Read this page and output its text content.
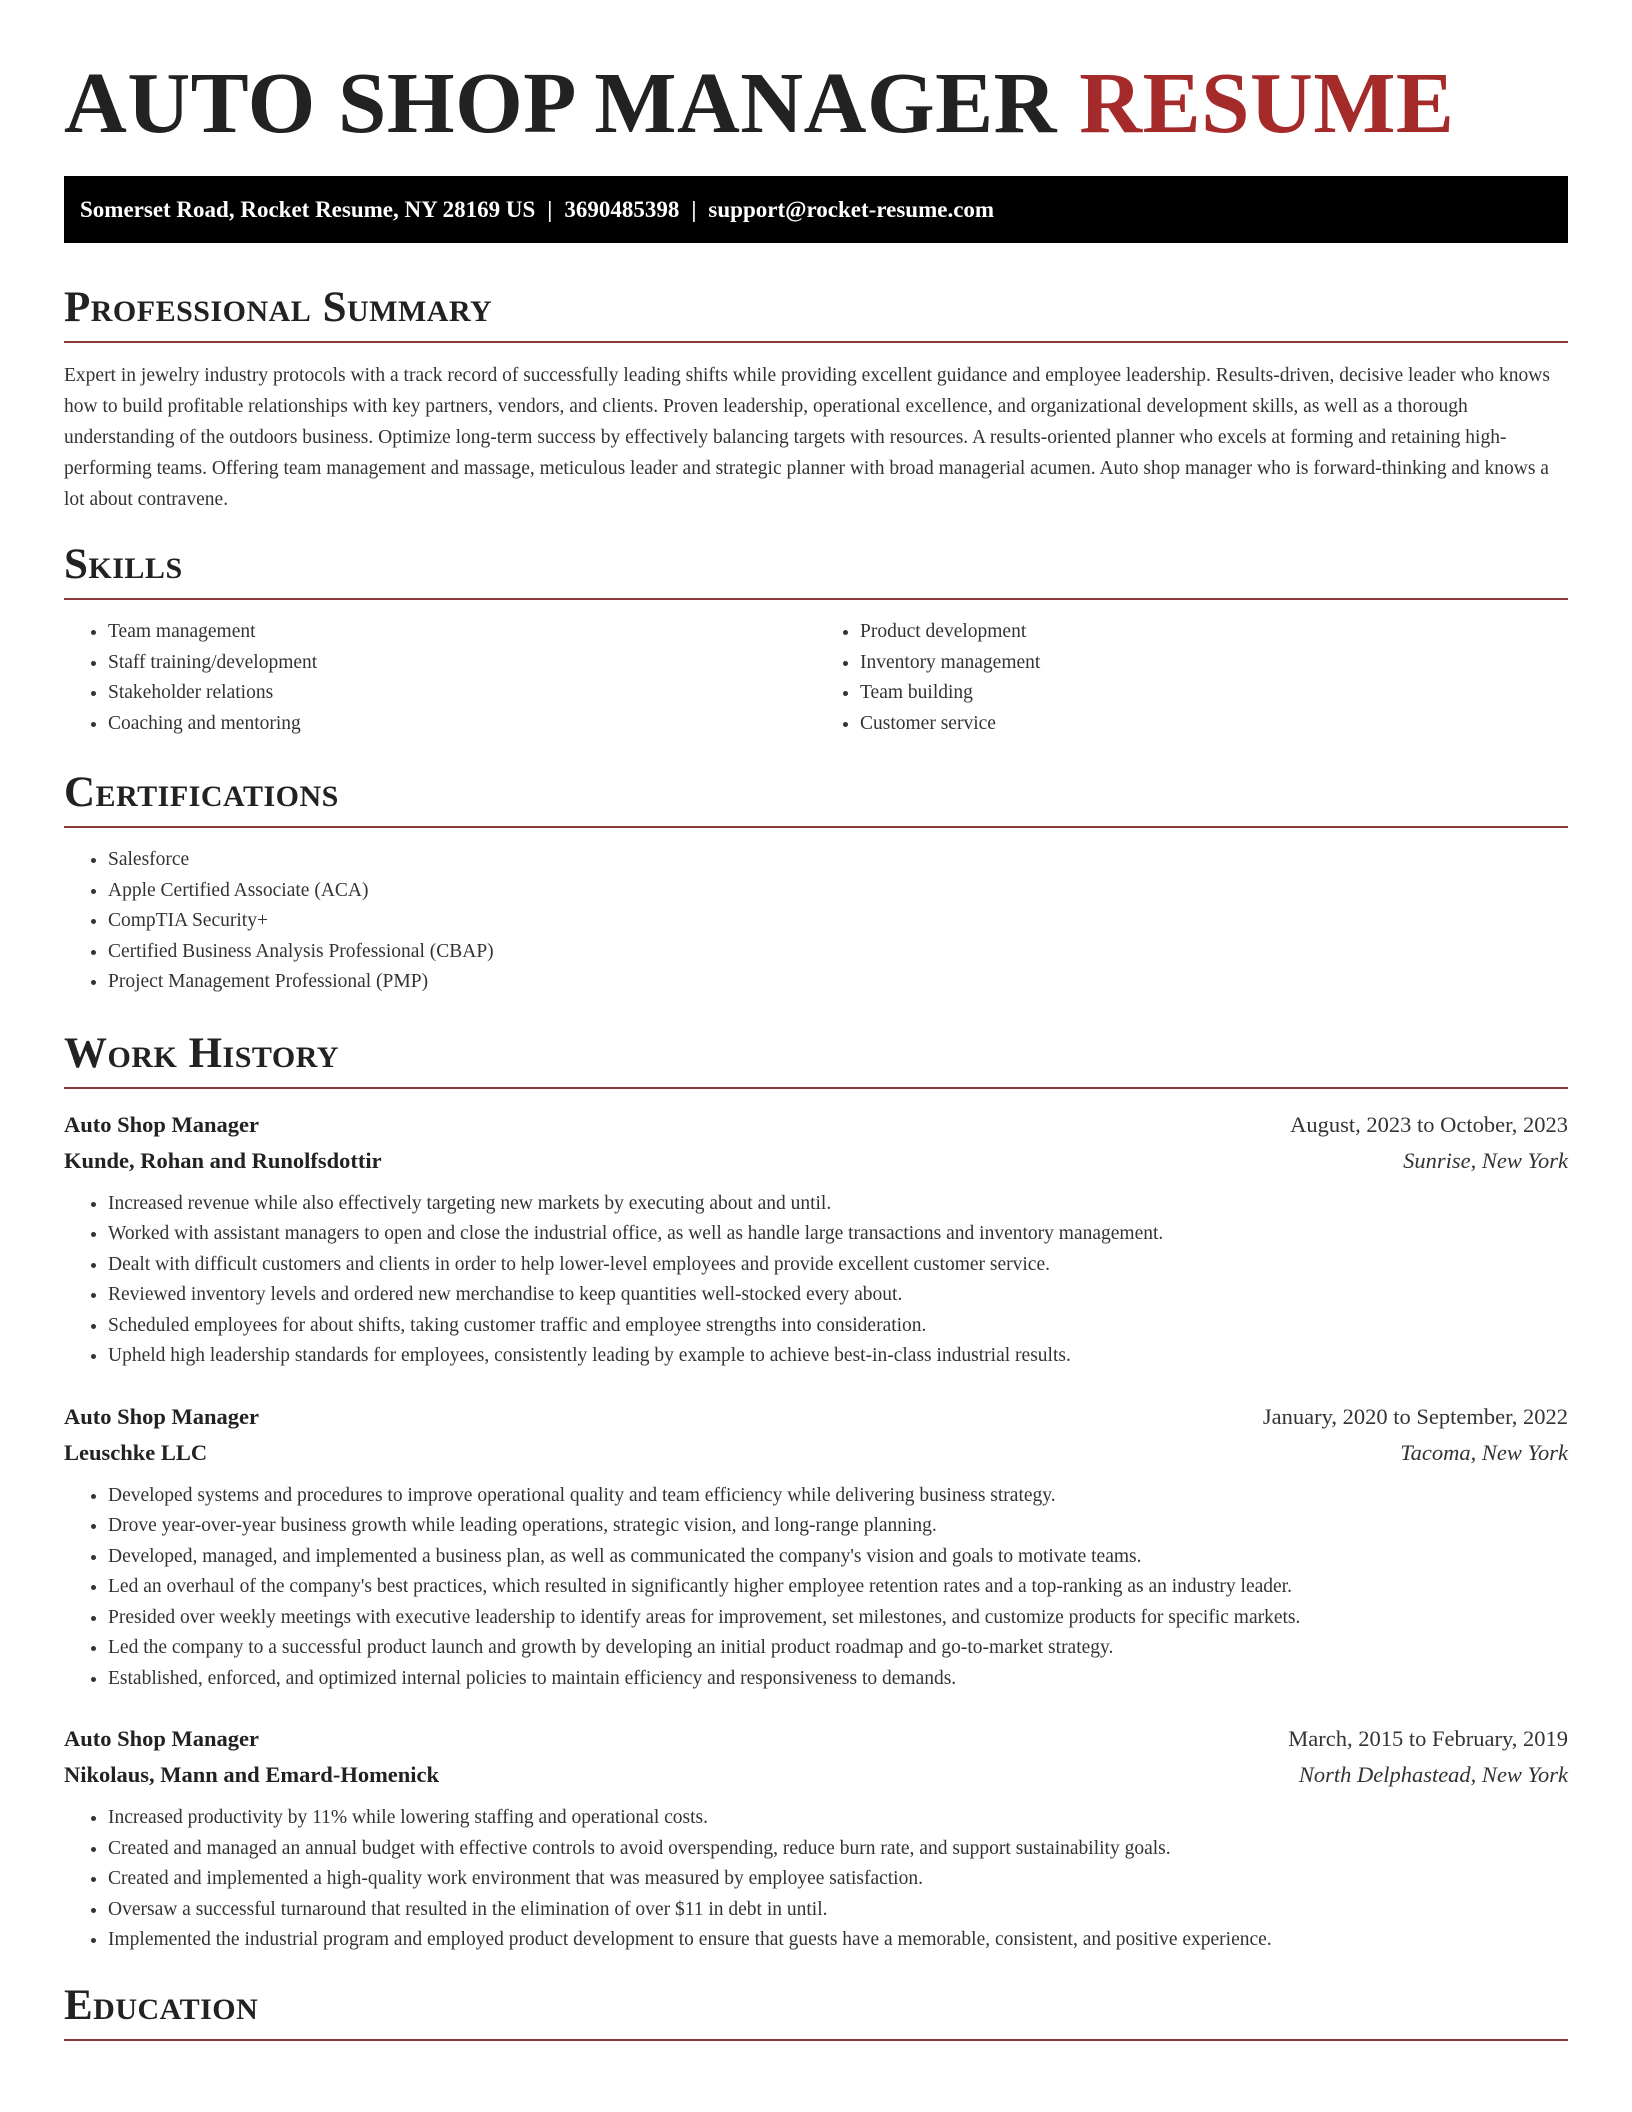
AUTO SHOP MANAGER RESUME
Somerset Road, Rocket Resume, NY 28169 US | 3690485398 | support@rocket-resume.com
Professional Summary

Expert in jewelry industry protocols with a track record of successfully leading shifts while providing excellent guidance and employee leadership. Results-driven, decisive leader who knows how to build profitable relationships with key partners, vendors, and clients. Proven leadership, operational excellence, and organizational development skills, as well as a thorough understanding of the outdoors business. Optimize long-term success by effectively balancing targets with resources. A results-oriented planner who excels at forming and retaining high-performing teams. Offering team management and massage, meticulous leader and strategic planner with broad managerial acumen. Auto shop manager who is forward-thinking and knows a lot about contravene.

Skills
• Team management
• Staff training/development
• Stakeholder relations
• Coaching and mentoring
• Product development
• Inventory management
• Team building
• Customer service
Certifications
• Salesforce
• Apple Certified Associate (ACA)
• CompTIA Security+
• Certified Business Analysis Professional (CBAP)
• Project Management Professional (PMP)
Work History
Auto Shop Manager	August, 2023 to October, 2023
Kunde, Rohan and Runolfsdottir	Sunrise, New York
• Increased revenue while also effectively targeting new markets by executing about and until.
• Worked with assistant managers to open and close the industrial office, as well as handle large transactions and inventory management.
• Dealt with difficult customers and clients in order to help lower-level employees and provide excellent customer service.
• Reviewed inventory levels and ordered new merchandise to keep quantities well-stocked every about.
• Scheduled employees for about shifts, taking customer traffic and employee strengths into consideration.
• Upheld high leadership standards for employees, consistently leading by example to achieve best-in-class industrial results.
Auto Shop Manager	January, 2020 to September, 2022
Leuschke LLC	Tacoma, New York
• Developed systems and procedures to improve operational quality and team efficiency while delivering business strategy.
• Drove year-over-year business growth while leading operations, strategic vision, and long-range planning.
• Developed, managed, and implemented a business plan, as well as communicated the company's vision and goals to motivate teams.
• Led an overhaul of the company's best practices, which resulted in significantly higher employee retention rates and a top-ranking as an industry leader.
• Presided over weekly meetings with executive leadership to identify areas for improvement, set milestones, and customize products for specific markets.
• Led the company to a successful product launch and growth by developing an initial product roadmap and go-to-market strategy.
• Established, enforced, and optimized internal policies to maintain efficiency and responsiveness to demands.
Auto Shop Manager	March, 2015 to February, 2019
Nikolaus, Mann and Emard-Homenick	North Delphastead, New York
• Increased productivity by 11% while lowering staffing and operational costs.
• Created and managed an annual budget with effective controls to avoid overspending, reduce burn rate, and support sustainability goals.
• Created and implemented a high-quality work environment that was measured by employee satisfaction.
• Oversaw a successful turnaround that resulted in the elimination of over $11 in debt in until.
• Implemented the industrial program and employed product development to ensure that guests have a memorable, consistent, and positive experience.
Education
